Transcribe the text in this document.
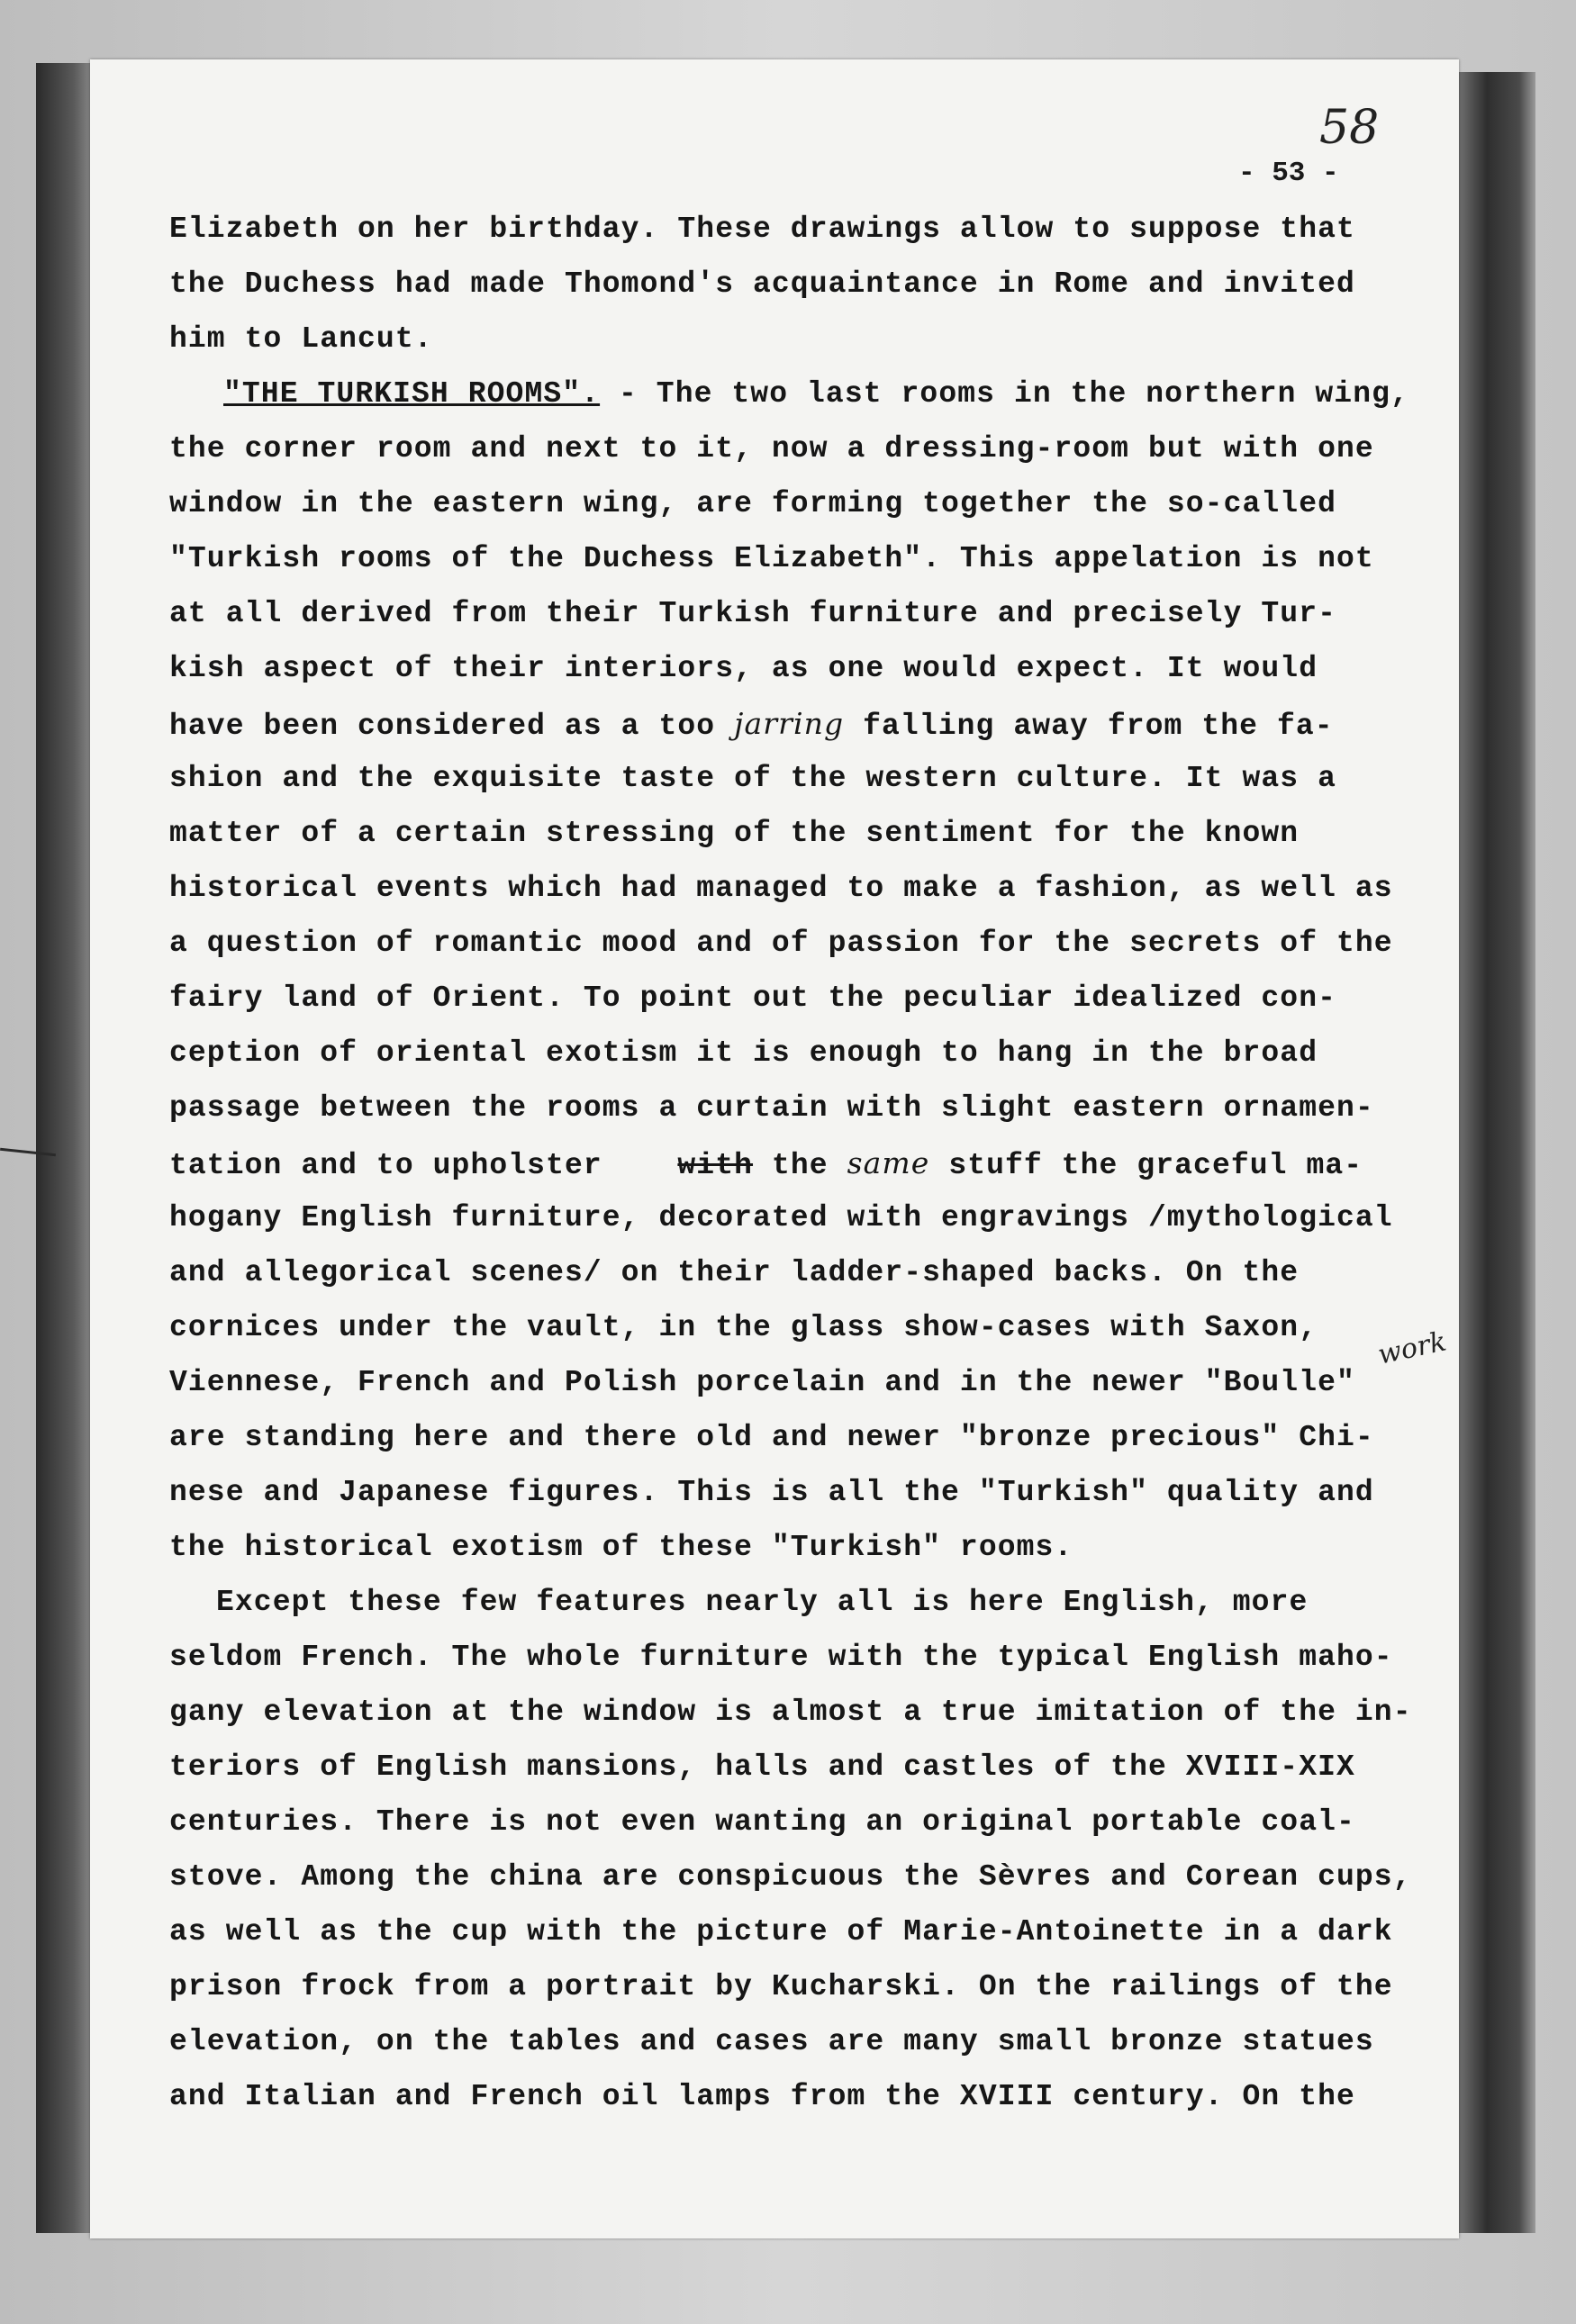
58
- 53 -
work
Elizabeth on her birthday. These drawings allow to suppose that
the Duchess had made Thomond's acquaintance in Rome and invited
him to Lancut.
"THE TURKISH ROOMS". - The two last rooms in the northern wing,
the corner room and next to it, now a dressing-room but with one
window in the eastern wing, are forming together the so-called
"Turkish rooms of the Duchess Elizabeth". This appelation is not
at all derived from their Turkish furniture and precisely Tur-
kish aspect of their interiors, as one would expect. It would
have been considered as a too jarring falling away from the fa-
shion and the exquisite taste of the western culture. It was a
matter of a certain stressing of the sentiment for the known
historical events which had managed to make a fashion, as well as
a question of romantic mood and of passion for the secrets of the
fairy land of Orient. To point out the peculiar idealized con-
ception of oriental exotism it is enough to hang in the broad
passage between the rooms a curtain with slight eastern ornamen-
tation and to upholster	with the same stuff the graceful ma-
hogany English furniture, decorated with engravings /mythological
and allegorical scenes/ on their ladder-shaped backs. On the
cornices under the vault, in the glass show-cases with Saxon,
Viennese, French and Polish porcelain and in the newer "Boulle"
are standing here and there old and newer "bronze precious" Chi-
nese and Japanese figures. This is all the "Turkish" quality and
the historical exotism of these "Turkish" rooms.
Except these few features nearly all is here English, more
seldom French. The whole furniture with the typical English maho-
gany elevation at the window is almost a true imitation of the in-
teriors of English mansions, halls and castles of the XVIII-XIX
centuries. There is not even wanting an original portable coal-
stove. Among the china are conspicuous the Sèvres and Corean cups,
as well as the cup with the picture of Marie-Antoinette in a dark
prison frock from a portrait by Kucharski. On the railings of the
elevation, on the tables and cases are many small bronze statues
and Italian and French oil lamps from the XVIII century. On the
